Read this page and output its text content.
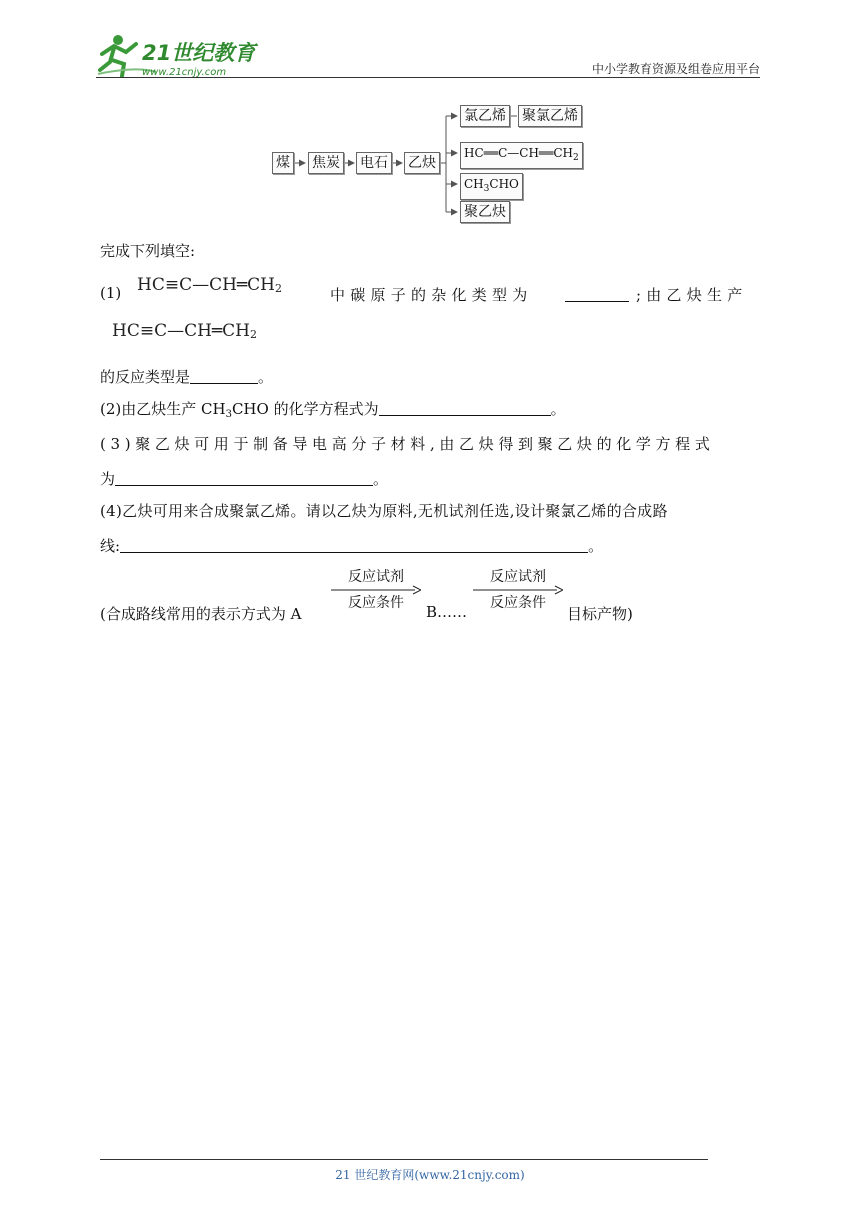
21世纪教育
www.21cnjy.com	中小学教育资源及组卷应用平台
煤 焦炭 电石 乙炔
氯乙烯 聚氯乙烯
$HC══C—CH══CH_2$
$CH_3CHO$
聚乙炔
完成下列填空:
(1) HC≡C—CH═CH2	中碳原子的杂化类型为	;由乙炔生产
HC≡C—CH═CH2
的反应类型是	。
(2)由乙炔生产 $CH_3CHO$ 的化学方程式为	。
(3)聚乙炔可用于制备导电高分子材料,由乙炔得到聚乙炔的化学方程式
为	。
(4)乙炔可用来合成聚氯乙烯。请以乙炔为原料,无机试剂任选,设计聚氯乙烯的合成路
线:	。
(合成路线常用的表示方式为 A
反应试剂
反应条件	B……
反应试剂
反应条件
目标产物)
21 世纪教育网(www.21cnjy.com)
